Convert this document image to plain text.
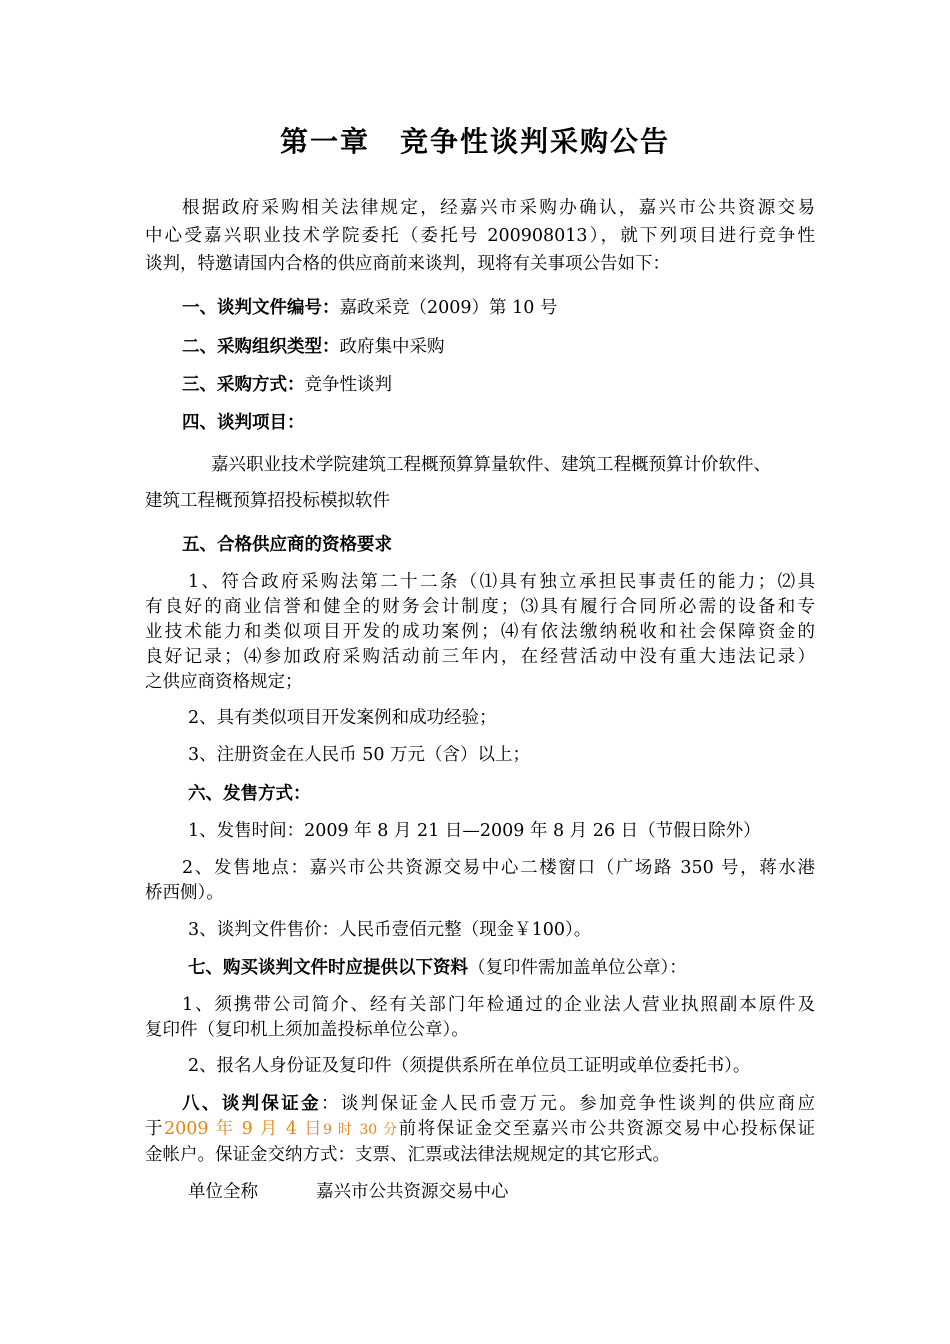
第一章　竞争性谈判采购公告
根据政府采购相关法律规定，经嘉兴市采购办确认，嘉兴市公共资源交易
中心受嘉兴职业技术学院委托（委托号 200908013），就下列项目进行竞争性
谈判，特邀请国内合格的供应商前来谈判，现将有关事项公告如下：
一、谈判文件编号：嘉政采竞（2009）第 10 号
二、采购组织类型：政府集中采购
三、采购方式：竞争性谈判
四、谈判项目：
嘉兴职业技术学院建筑工程概预算算量软件、建筑工程概预算计价软件、
建筑工程概预算招投标模拟软件
五、合格供应商的资格要求
1、符合政府采购法第二十二条（⑴具有独立承担民事责任的能力；⑵具
有良好的商业信誉和健全的财务会计制度；⑶具有履行合同所必需的设备和专
业技术能力和类似项目开发的成功案例；⑷有依法缴纳税收和社会保障资金的
良好记录；⑷参加政府采购活动前三年内，在经营活动中没有重大违法记录）
之供应商资格规定；
2、具有类似项目开发案例和成功经验；
3、注册资金在人民币 50 万元（含）以上；
六、发售方式：
1、发售时间：2009 年 8 月 21 日—2009 年 8 月 26 日（节假日除外）
2、发售地点：嘉兴市公共资源交易中心二楼窗口（广场路 350 号，蒋水港
桥西侧）。
3、谈判文件售价：人民币壹佰元整（现金￥100）。
七、购买谈判文件时应提供以下资料（复印件需加盖单位公章）：
1、须携带公司简介、经有关部门年检通过的企业法人营业执照副本原件及
复印件（复印机上须加盖投标单位公章）。
2、报名人身份证及复印件（须提供系所在单位员工证明或单位委托书）。
八、谈判保证金：谈判保证金人民币壹万元。参加竞争性谈判的供应商应
于2009 年 9 月 4 日9 时 30 分前将保证金交至嘉兴市公共资源交易中心投标保证
金帐户。保证金交纳方式：支票、汇票或法律法规规定的其它形式。
单位全称	嘉兴市公共资源交易中心
